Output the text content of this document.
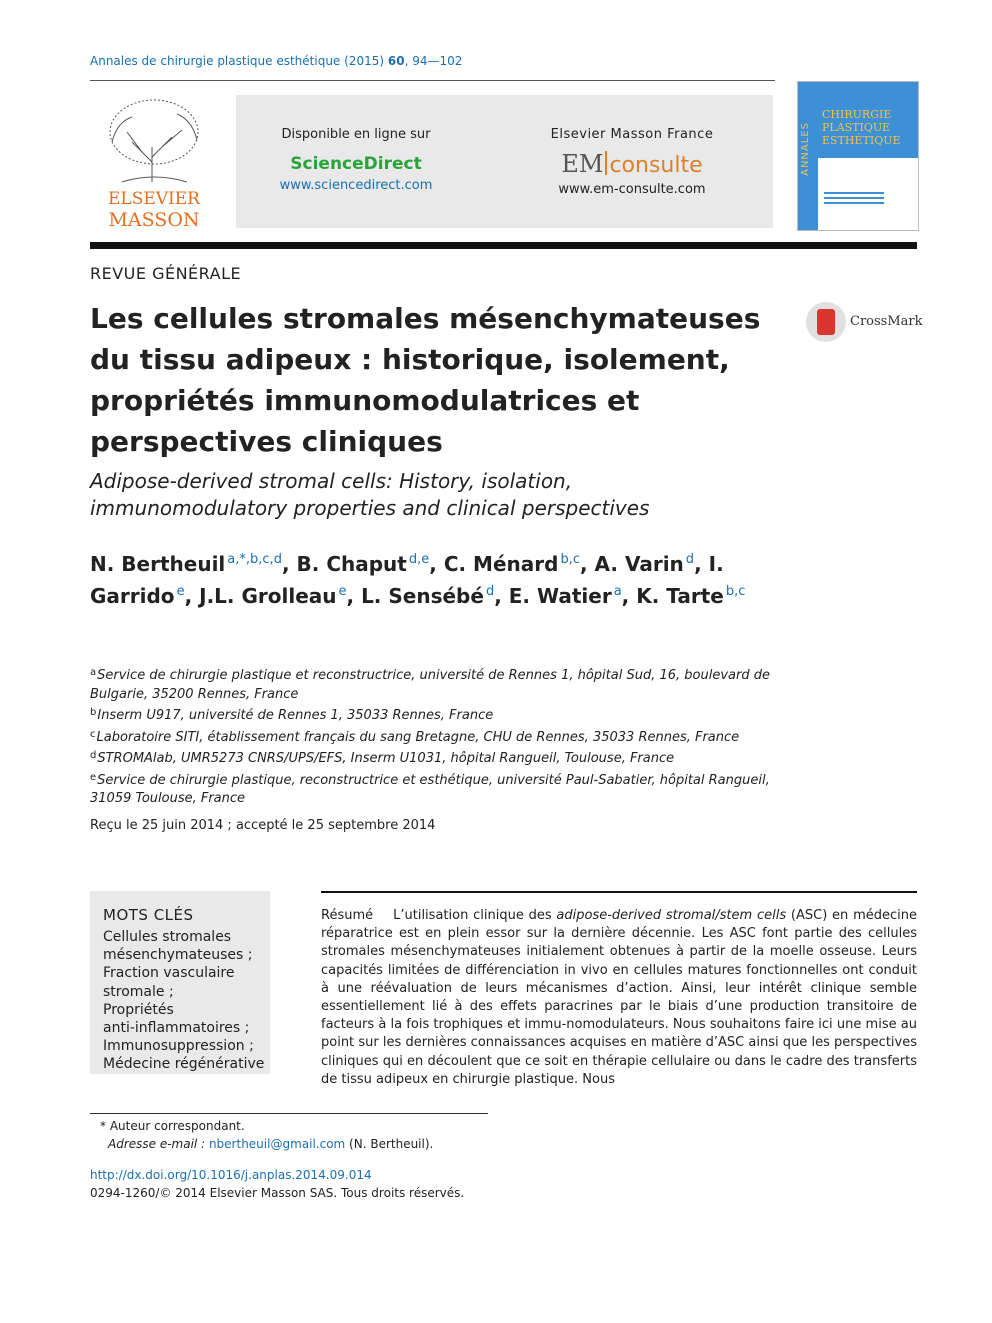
Annales de chirurgie plastique esthétique (2015) 60, 94—102
ELSEVIER
MASSON
Disponible en ligne sur
ScienceDirect
www.sciencedirect.com
Elsevier Masson France
EM consulte
www.em-consulte.com
ANNALES
CHIRURGIE
PLASTIQUE
ESTHÉTIQUE
REVUE GÉNÉRALE
Les cellules stromales mésenchymateuses du tissu adipeux : historique, isolement, propriétés immunomodulatrices et perspectives cliniques
CrossMark
Adipose-derived stromal cells: History, isolation, immunomodulatory properties and clinical perspectives
N. Bertheuil $^{a,*,b,c,d}$, B. Chaput $^{d,e}$, C. Ménard $^{b,c}$, A. Varin $^d$, I. Garrido $^e$, J.L. Grolleau $^e$, L. Sensébé $^d$, E. Watier $^a$, K. Tarte $^{b,c}$
$^a$Service de chirurgie plastique et reconstructrice, université de Rennes 1, hôpital Sud, 16, boulevard de Bulgarie, 35200 Rennes, France
$^b$Inserm U917, université de Rennes 1, 35033 Rennes, France
$^c$Laboratoire SITI, établissement français du sang Bretagne, CHU de Rennes, 35033 Rennes, France
$^d$STROMAlab, UMR5273 CNRS/UPS/EFS, Inserm U1031, hôpital Rangueil, Toulouse, France
$^e$Service de chirurgie plastique, reconstructrice et esthétique, université Paul-Sabatier, hôpital Rangueil, 31059 Toulouse, France
Reçu le 25 juin 2014 ; accepté le 25 septembre 2014
MOTS CLÉS
Cellules stromales
mésenchymateuses ;
Fraction vasculaire
stromale ;
Propriétés
anti-inflammatoires ;
Immunosuppression ;
Médecine régénérative
Résumé L’utilisation clinique des adipose-derived stromal/stem cells (ASC) en médecine réparatrice est en plein essor sur la dernière décennie. Les ASC font partie des cellules stromales mésenchymateuses initialement obtenues à partir de la moelle osseuse. Leurs capacités limitées de différenciation in vivo en cellules matures fonctionnelles ont conduit à une réévaluation de leurs mécanismes d’action. Ainsi, leur intérêt clinique semble essentiellement lié à des effets paracrines par le biais d’une production transitoire de facteurs à la fois trophiques et immu-nomodulateurs. Nous souhaitons faire ici une mise au point sur les dernières connaissances acquises en matière d’ASC ainsi que les perspectives cliniques qui en découlent que ce soit en thérapie cellulaire ou dans le cadre des transferts de tissu adipeux en chirurgie plastique. Nous
* Auteur correspondant.
Adresse e-mail : nbertheuil@gmail.com (N. Bertheuil).
http://dx.doi.org/10.1016/j.anplas.2014.09.014
0294-1260/© 2014 Elsevier Masson SAS. Tous droits réservés.
